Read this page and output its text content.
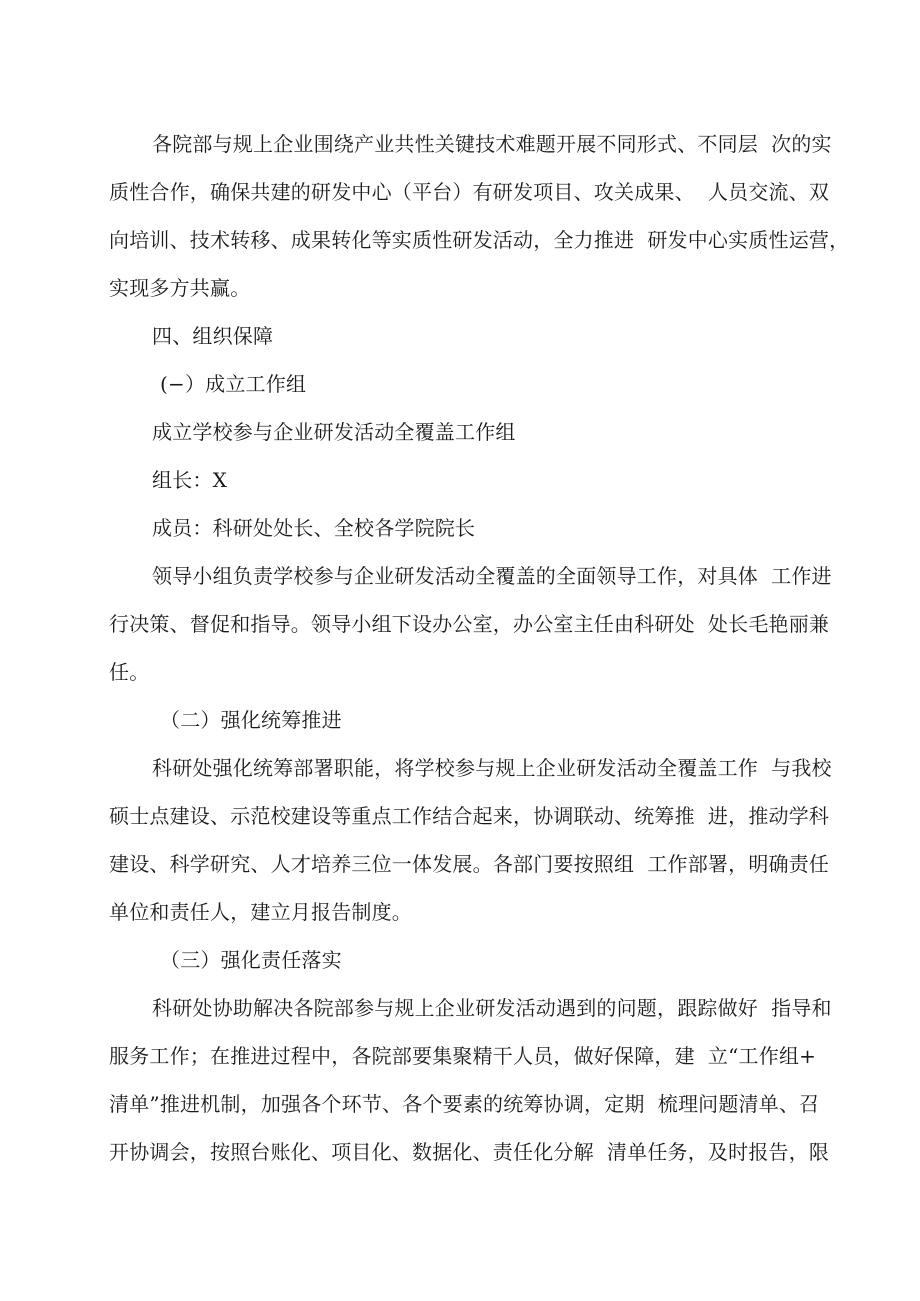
各院部与规上企业围绕产业共性关键技术难题开展不同形式、不同层  次的实
质性合作，确保共建的研发中心（平台）有研发项目、攻关成果、  人员交流、双
向培训、技术转移、成果转化等实质性研发活动，全力推进  研发中心实质性运营，
实现多方共赢。
四、组织保障
(−）成立工作组
成立学校参与企业研发活动全覆盖工作组
组长：X
成员：科研处处长、全校各学院院长
领导小组负责学校参与企业研发活动全覆盖的全面领导工作，对具体  工作进
行决策、督促和指导。领导小组下设办公室，办公室主任由科研处  处长毛艳丽兼
任。
（二）强化统筹推进
科研处强化统筹部署职能，将学校参与规上企业研发活动全覆盖工作  与我校
硕士点建设、示范校建设等重点工作结合起来，协调联动、统筹推  进，推动学科
建设、科学研究、人才培养三位一体发展。各部门要按照组  工作部署，明确责任
单位和责任人，建立月报告制度。
（三）强化责任落实
科研处协助解决各院部参与规上企业研发活动遇到的问题，跟踪做好  指导和
服务工作；在推进过程中，各院部要集聚精干人员，做好保障，建  立“工作组+
清单”推进机制，加强各个环节、各个要素的统筹协调，定期  梳理问题清单、召
开协调会，按照台账化、项目化、数据化、责任化分解  清单任务，及时报告，限
